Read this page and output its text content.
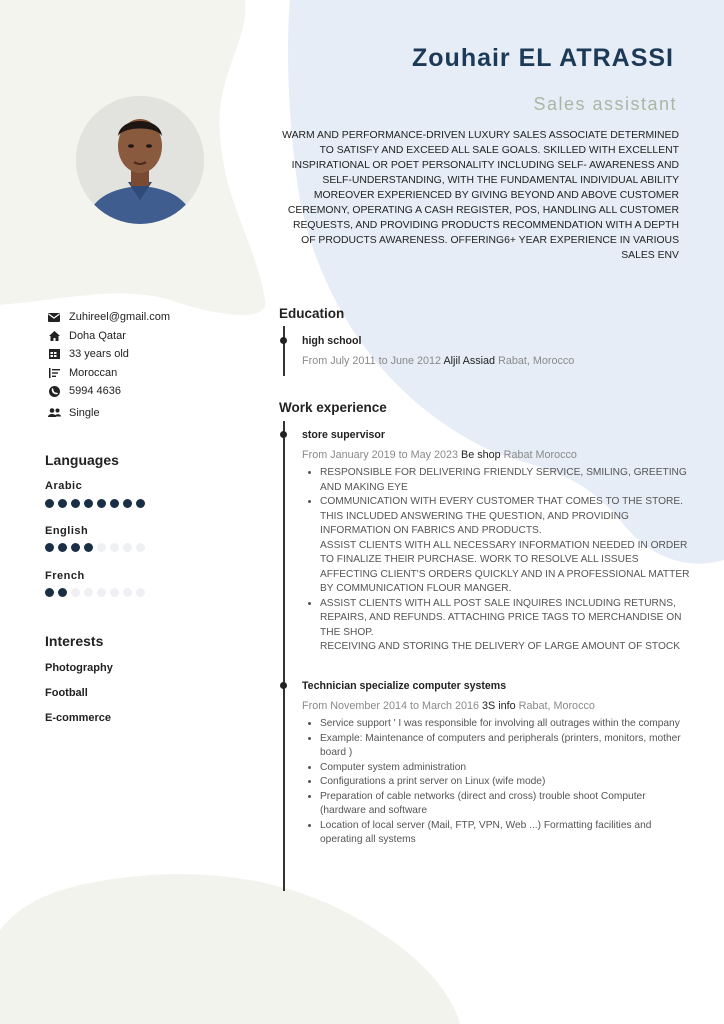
Zouhair EL ATRASSI
Sales assistant
WARM AND PERFORMANCE-DRIVEN LUXURY SALES ASSOCIATE DETERMINED TO SATISFY AND EXCEED ALL SALE GOALS. SKILLED WITH EXCELLENT INSPIRATIONAL OR POET PERSONALITY INCLUDING SELF- AWARENESS AND SELF-UNDERSTANDING, WITH THE FUNDAMENTAL INDIVIDUAL ABILITY MOREOVER EXPERIENCED BY GIVING BEYOND AND ABOVE CUSTOMER CEREMONY, OPERATING A CASH REGISTER, POS, HANDLING ALL CUSTOMER REQUESTS, AND PROVIDING PRODUCTS RECOMMENDATION WITH A DEPTH OF PRODUCTS AWARENESS. OFFERING6+ YEAR EXPERIENCE IN VARIOUS SALES ENV
Zuhireel@gmail.com
Doha Qatar
33 years old
Moroccan
5994 4636
Single
Languages
Arabic
English
French
Interests
Photography
Football
E-commerce
Education
high school
From July 2011 to June 2012 Aljil Assiad Rabat, Morocco
Work experience
store supervisor
From January 2019 to May 2023 Be shop Rabat Morocco
• RESPONSIBLE FOR DELIVERING FRIENDLY SERVICE, SMILING, GREETING AND MAKING EYE
• COMMUNICATION WITH EVERY CUSTOMER THAT COMES TO THE STORE. THIS INCLUDED ANSWERING THE QUESTION, AND PROVIDING INFORMATION ON FABRICS AND PRODUCTS.
ASSIST CLIENTS WITH ALL NECESSARY INFORMATION NEEDED IN ORDER TO FINALIZE THEIR PURCHASE. WORK TO RESOLVE ALL ISSUES AFFECTING CLIENT'S ORDERS QUICKLY AND IN A PROFESSIONAL MATTER BY COMMUNICATION FLOUR MANGER.
• ASSIST CLIENTS WITH ALL POST SALE INQUIRES INCLUDING RETURNS, REPAIRS, AND REFUNDS. ATTACHING PRICE TAGS TO MERCHANDISE ON THE SHOP.
RECEIVING AND STORING THE DELIVERY OF LARGE AMOUNT OF STOCK
Technician specialize computer systems
From November 2014 to March 2016 3S info Rabat, Morocco
• Service support ' I was responsible for involving all outrages within the company
• Example: Maintenance of computers and peripherals (printers, monitors, mother board )
• Computer system administration
• Configurations a print server on Linux (wife mode)
• Preparation of cable networks (direct and cross) trouble shoot Computer (hardware and software
• Location of local server (Mail, FTP, VPN, Web ...) Formatting facilities and operating all systems
